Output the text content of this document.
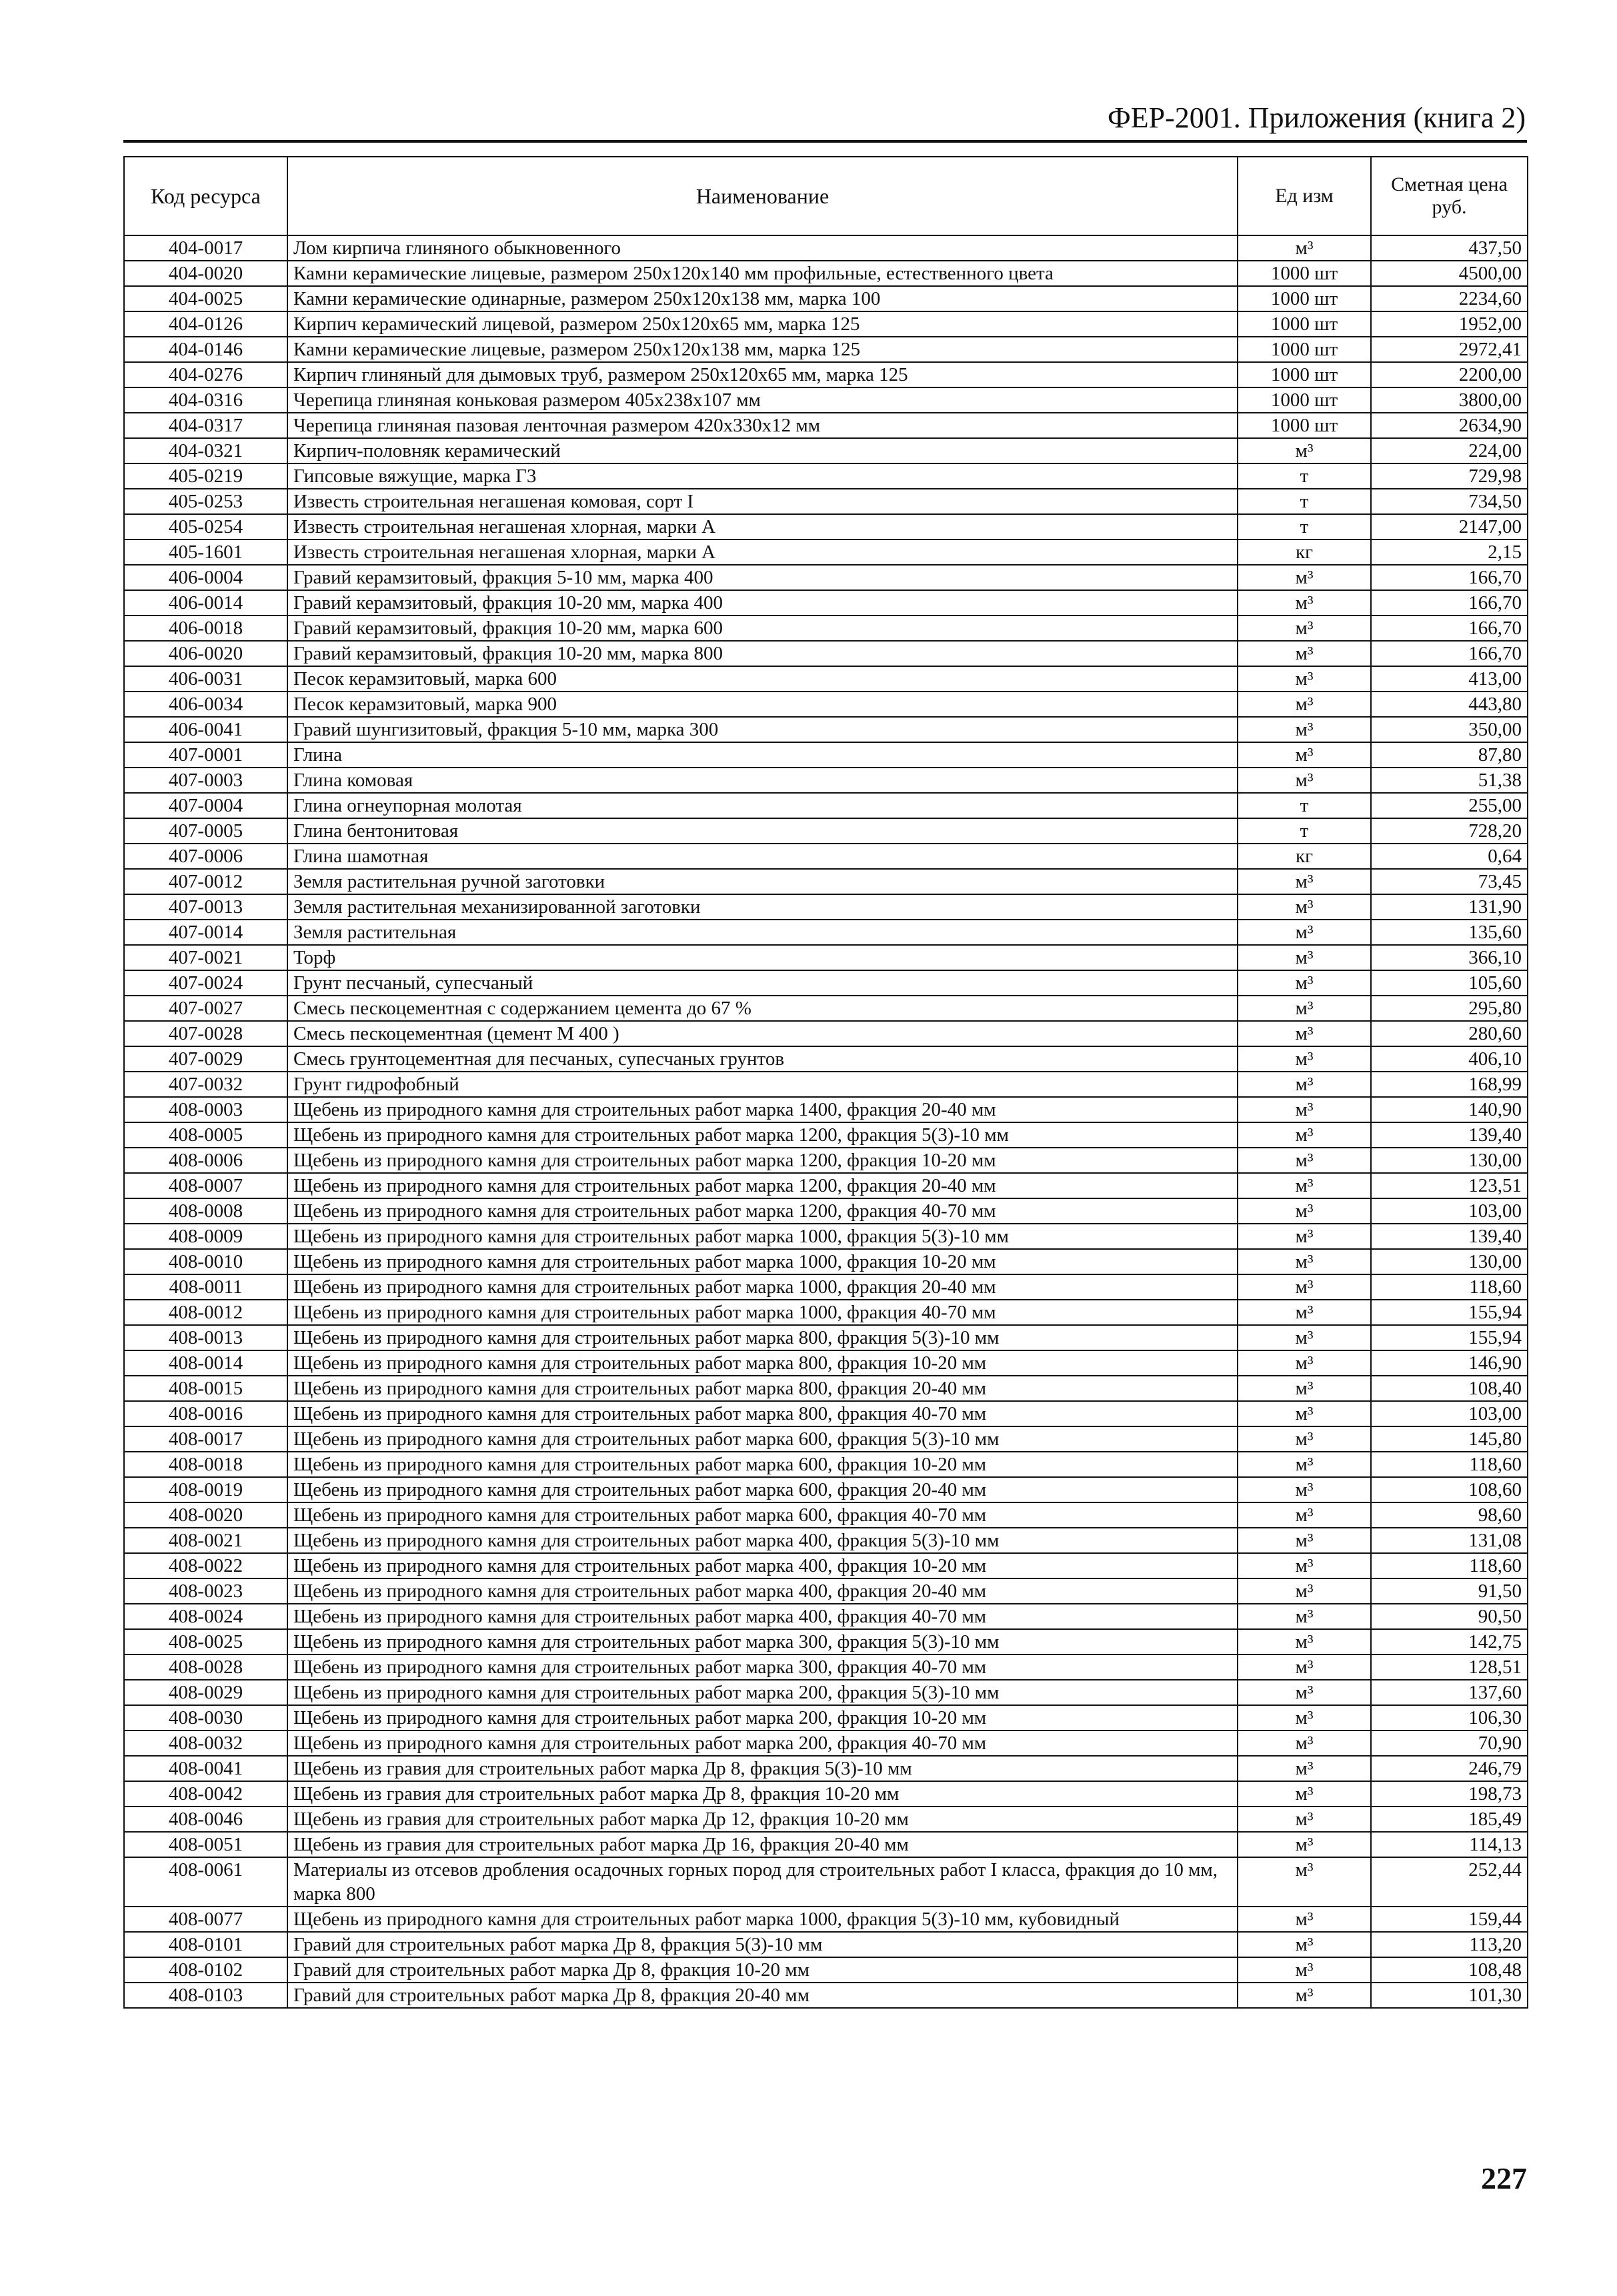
ФЕР-2001. Приложения (книга 2)
Код ресурса	Наименование	Ед изм	Сметная цена руб.
404-0017	Лом кирпича глиняного обыкновенного	м³	437,50
404-0020	Камни керамические лицевые, размером 250x120x140 мм профильные, естественного цвета	1000 шт	4500,00
404-0025	Камни керамические одинарные, размером 250x120x138 мм, марка 100	1000 шт	2234,60
404-0126	Кирпич керамический лицевой, размером 250x120x65 мм, марка 125	1000 шт	1952,00
404-0146	Камни керамические лицевые, размером 250x120x138 мм, марка 125	1000 шт	2972,41
404-0276	Кирпич глиняный для дымовых труб, размером 250x120x65 мм, марка 125	1000 шт	2200,00
404-0316	Черепица глиняная коньковая размером 405x238x107 мм	1000 шт	3800,00
404-0317	Черепица глиняная пазовая ленточная размером 420x330x12 мм	1000 шт	2634,90
404-0321	Кирпич-половняк керамический	м³	224,00
405-0219	Гипсовые вяжущие, марка Г3	т	729,98
405-0253	Известь строительная негашеная комовая, сорт I	т	734,50
405-0254	Известь строительная негашеная хлорная, марки А	т	2147,00
405-1601	Известь строительная негашеная хлорная, марки А	кг	2,15
406-0004	Гравий керамзитовый, фракция 5-10 мм, марка 400	м³	166,70
406-0014	Гравий керамзитовый, фракция 10-20 мм, марка 400	м³	166,70
406-0018	Гравий керамзитовый, фракция 10-20 мм, марка 600	м³	166,70
406-0020	Гравий керамзитовый, фракция 10-20 мм, марка 800	м³	166,70
406-0031	Песок керамзитовый, марка 600	м³	413,00
406-0034	Песок керамзитовый, марка 900	м³	443,80
406-0041	Гравий шунгизитовый, фракция 5-10 мм, марка 300	м³	350,00
407-0001	Глина	м³	87,80
407-0003	Глина комовая	м³	51,38
407-0004	Глина огнеупорная молотая	т	255,00
407-0005	Глина бентонитовая	т	728,20
407-0006	Глина шамотная	кг	0,64
407-0012	Земля растительная ручной заготовки	м³	73,45
407-0013	Земля растительная механизированной заготовки	м³	131,90
407-0014	Земля растительная	м³	135,60
407-0021	Торф	м³	366,10
407-0024	Грунт песчаный, супесчаный	м³	105,60
407-0027	Смесь пескоцементная с содержанием цемента до 67 %	м³	295,80
407-0028	Смесь пескоцементная (цемент М 400 )	м³	280,60
407-0029	Смесь грунтоцементная для песчаных, супесчаных грунтов	м³	406,10
407-0032	Грунт гидрофобный	м³	168,99
408-0003	Щебень из природного камня для строительных работ марка 1400, фракция 20-40 мм	м³	140,90
408-0005	Щебень из природного камня для строительных работ марка 1200, фракция 5(3)-10 мм	м³	139,40
408-0006	Щебень из природного камня для строительных работ марка 1200, фракция 10-20 мм	м³	130,00
408-0007	Щебень из природного камня для строительных работ марка 1200, фракция 20-40 мм	м³	123,51
408-0008	Щебень из природного камня для строительных работ марка 1200, фракция 40-70 мм	м³	103,00
408-0009	Щебень из природного камня для строительных работ марка 1000, фракция 5(3)-10 мм	м³	139,40
408-0010	Щебень из природного камня для строительных работ марка 1000, фракция 10-20 мм	м³	130,00
408-0011	Щебень из природного камня для строительных работ марка 1000, фракция 20-40 мм	м³	118,60
408-0012	Щебень из природного камня для строительных работ марка 1000, фракция 40-70 мм	м³	155,94
408-0013	Щебень из природного камня для строительных работ марка 800, фракция 5(3)-10 мм	м³	155,94
408-0014	Щебень из природного камня для строительных работ марка 800, фракция 10-20 мм	м³	146,90
408-0015	Щебень из природного камня для строительных работ марка 800, фракция 20-40 мм	м³	108,40
408-0016	Щебень из природного камня для строительных работ марка 800, фракция 40-70 мм	м³	103,00
408-0017	Щебень из природного камня для строительных работ марка 600, фракция 5(3)-10 мм	м³	145,80
408-0018	Щебень из природного камня для строительных работ марка 600, фракция 10-20 мм	м³	118,60
408-0019	Щебень из природного камня для строительных работ марка 600, фракция 20-40 мм	м³	108,60
408-0020	Щебень из природного камня для строительных работ марка 600, фракция 40-70 мм	м³	98,60
408-0021	Щебень из природного камня для строительных работ марка 400, фракция 5(3)-10 мм	м³	131,08
408-0022	Щебень из природного камня для строительных работ марка 400, фракция 10-20 мм	м³	118,60
408-0023	Щебень из природного камня для строительных работ марка 400, фракция 20-40 мм	м³	91,50
408-0024	Щебень из природного камня для строительных работ марка 400, фракция 40-70 мм	м³	90,50
408-0025	Щебень из природного камня для строительных работ марка 300, фракция 5(3)-10 мм	м³	142,75
408-0028	Щебень из природного камня для строительных работ марка 300, фракция 40-70 мм	м³	128,51
408-0029	Щебень из природного камня для строительных работ марка 200, фракция 5(3)-10 мм	м³	137,60
408-0030	Щебень из природного камня для строительных работ марка 200, фракция 10-20 мм	м³	106,30
408-0032	Щебень из природного камня для строительных работ марка 200, фракция 40-70 мм	м³	70,90
408-0041	Щебень из гравия для строительных работ марка Др 8, фракция 5(3)-10 мм	м³	246,79
408-0042	Щебень из гравия для строительных работ марка Др 8, фракция 10-20 мм	м³	198,73
408-0046	Щебень из гравия для строительных работ марка Др 12, фракция 10-20 мм	м³	185,49
408-0051	Щебень из гравия для строительных работ марка Др 16, фракция 20-40 мм	м³	114,13
408-0061	Материалы из отсевов дробления осадочных горных пород для строительных работ I класса, фракция до 10 мм, марка 800	м³	252,44
408-0077	Щебень из природного камня для строительных работ марка 1000, фракция 5(3)-10 мм, кубовидный	м³	159,44
408-0101	Гравий для строительных работ марка Др 8, фракция 5(3)-10 мм	м³	113,20
408-0102	Гравий для строительных работ марка Др 8, фракция 10-20 мм	м³	108,48
408-0103	Гравий для строительных работ марка Др 8, фракция 20-40 мм	м³	101,30
227
